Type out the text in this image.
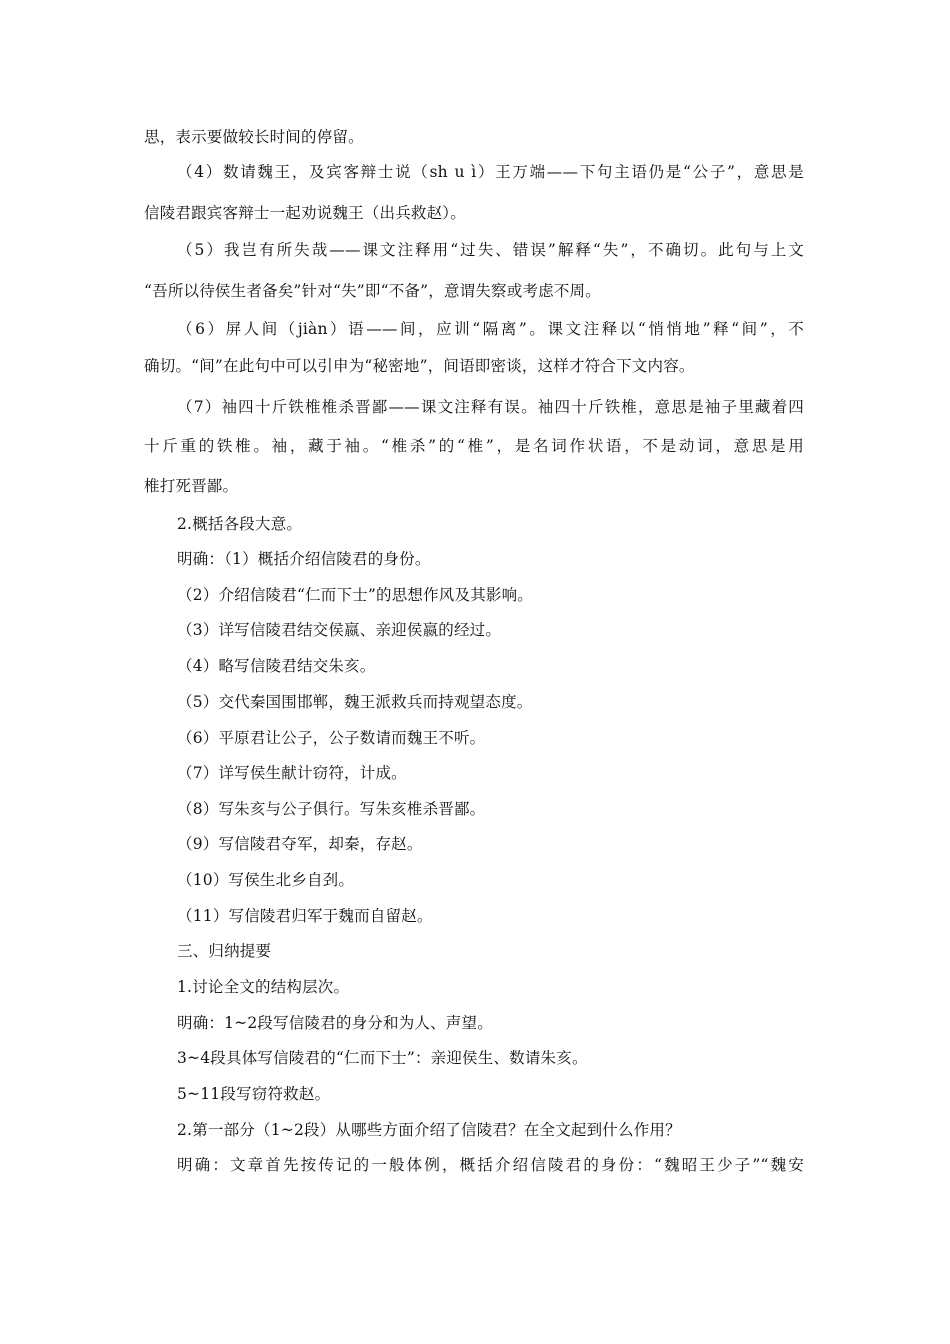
思，表示要做较长时间的停留。
（4）数请魏王，及宾客辩士说（sh u ì）王万端——下句主语仍是“公子”，意思是
信陵君跟宾客辩士一起劝说魏王（出兵救赵）。
（5）我岂有所失哉——课文注释用“过失、错误”解释“失”，不确切。此句与上文
“吾所以待侯生者备矣”针对“失”即“不备”，意谓失察或考虑不周。
（6）屏人间（jiàn）语——间，应训“隔离”。课文注释以“悄悄地”释“间”，不
确切。“间”在此句中可以引申为“秘密地”，间语即密谈，这样才符合下文内容。
（7）袖四十斤铁椎椎杀晋鄙——课文注释有误。袖四十斤铁椎，意思是袖子里藏着四
十斤重的铁椎。袖，藏于袖。“椎杀”的“椎”，是名词作状语，不是动词，意思是用
椎打死晋鄙。
2.概括各段大意。
明确：（1）概括介绍信陵君的身份。
（2）介绍信陵君“仁而下士”的思想作风及其影响。
（3）详写信陵君结交侯嬴、亲迎侯嬴的经过。
（4）略写信陵君结交朱亥。
（5）交代秦国围邯郸，魏王派救兵而持观望态度。
（6）平原君让公子，公子数请而魏王不听。
（7）详写侯生献计窃符，计成。
（8）写朱亥与公子俱行。写朱亥椎杀晋鄙。
（9）写信陵君夺军，却秦，存赵。
（10）写侯生北乡自刭。
（11）写信陵君归军于魏而自留赵。
三、归纳提要
1.讨论全文的结构层次。
明确：1~2段写信陵君的身分和为人、声望。
3~4段具体写信陵君的“仁而下士”：亲迎侯生、数请朱亥。
5~11段写窃符救赵。
2.第一部分（1~2段）从哪些方面介绍了信陵君？在全文起到什么作用？
明确：文章首先按传记的一般体例，概括介绍信陵君的身份：“魏昭王少子”“魏安
